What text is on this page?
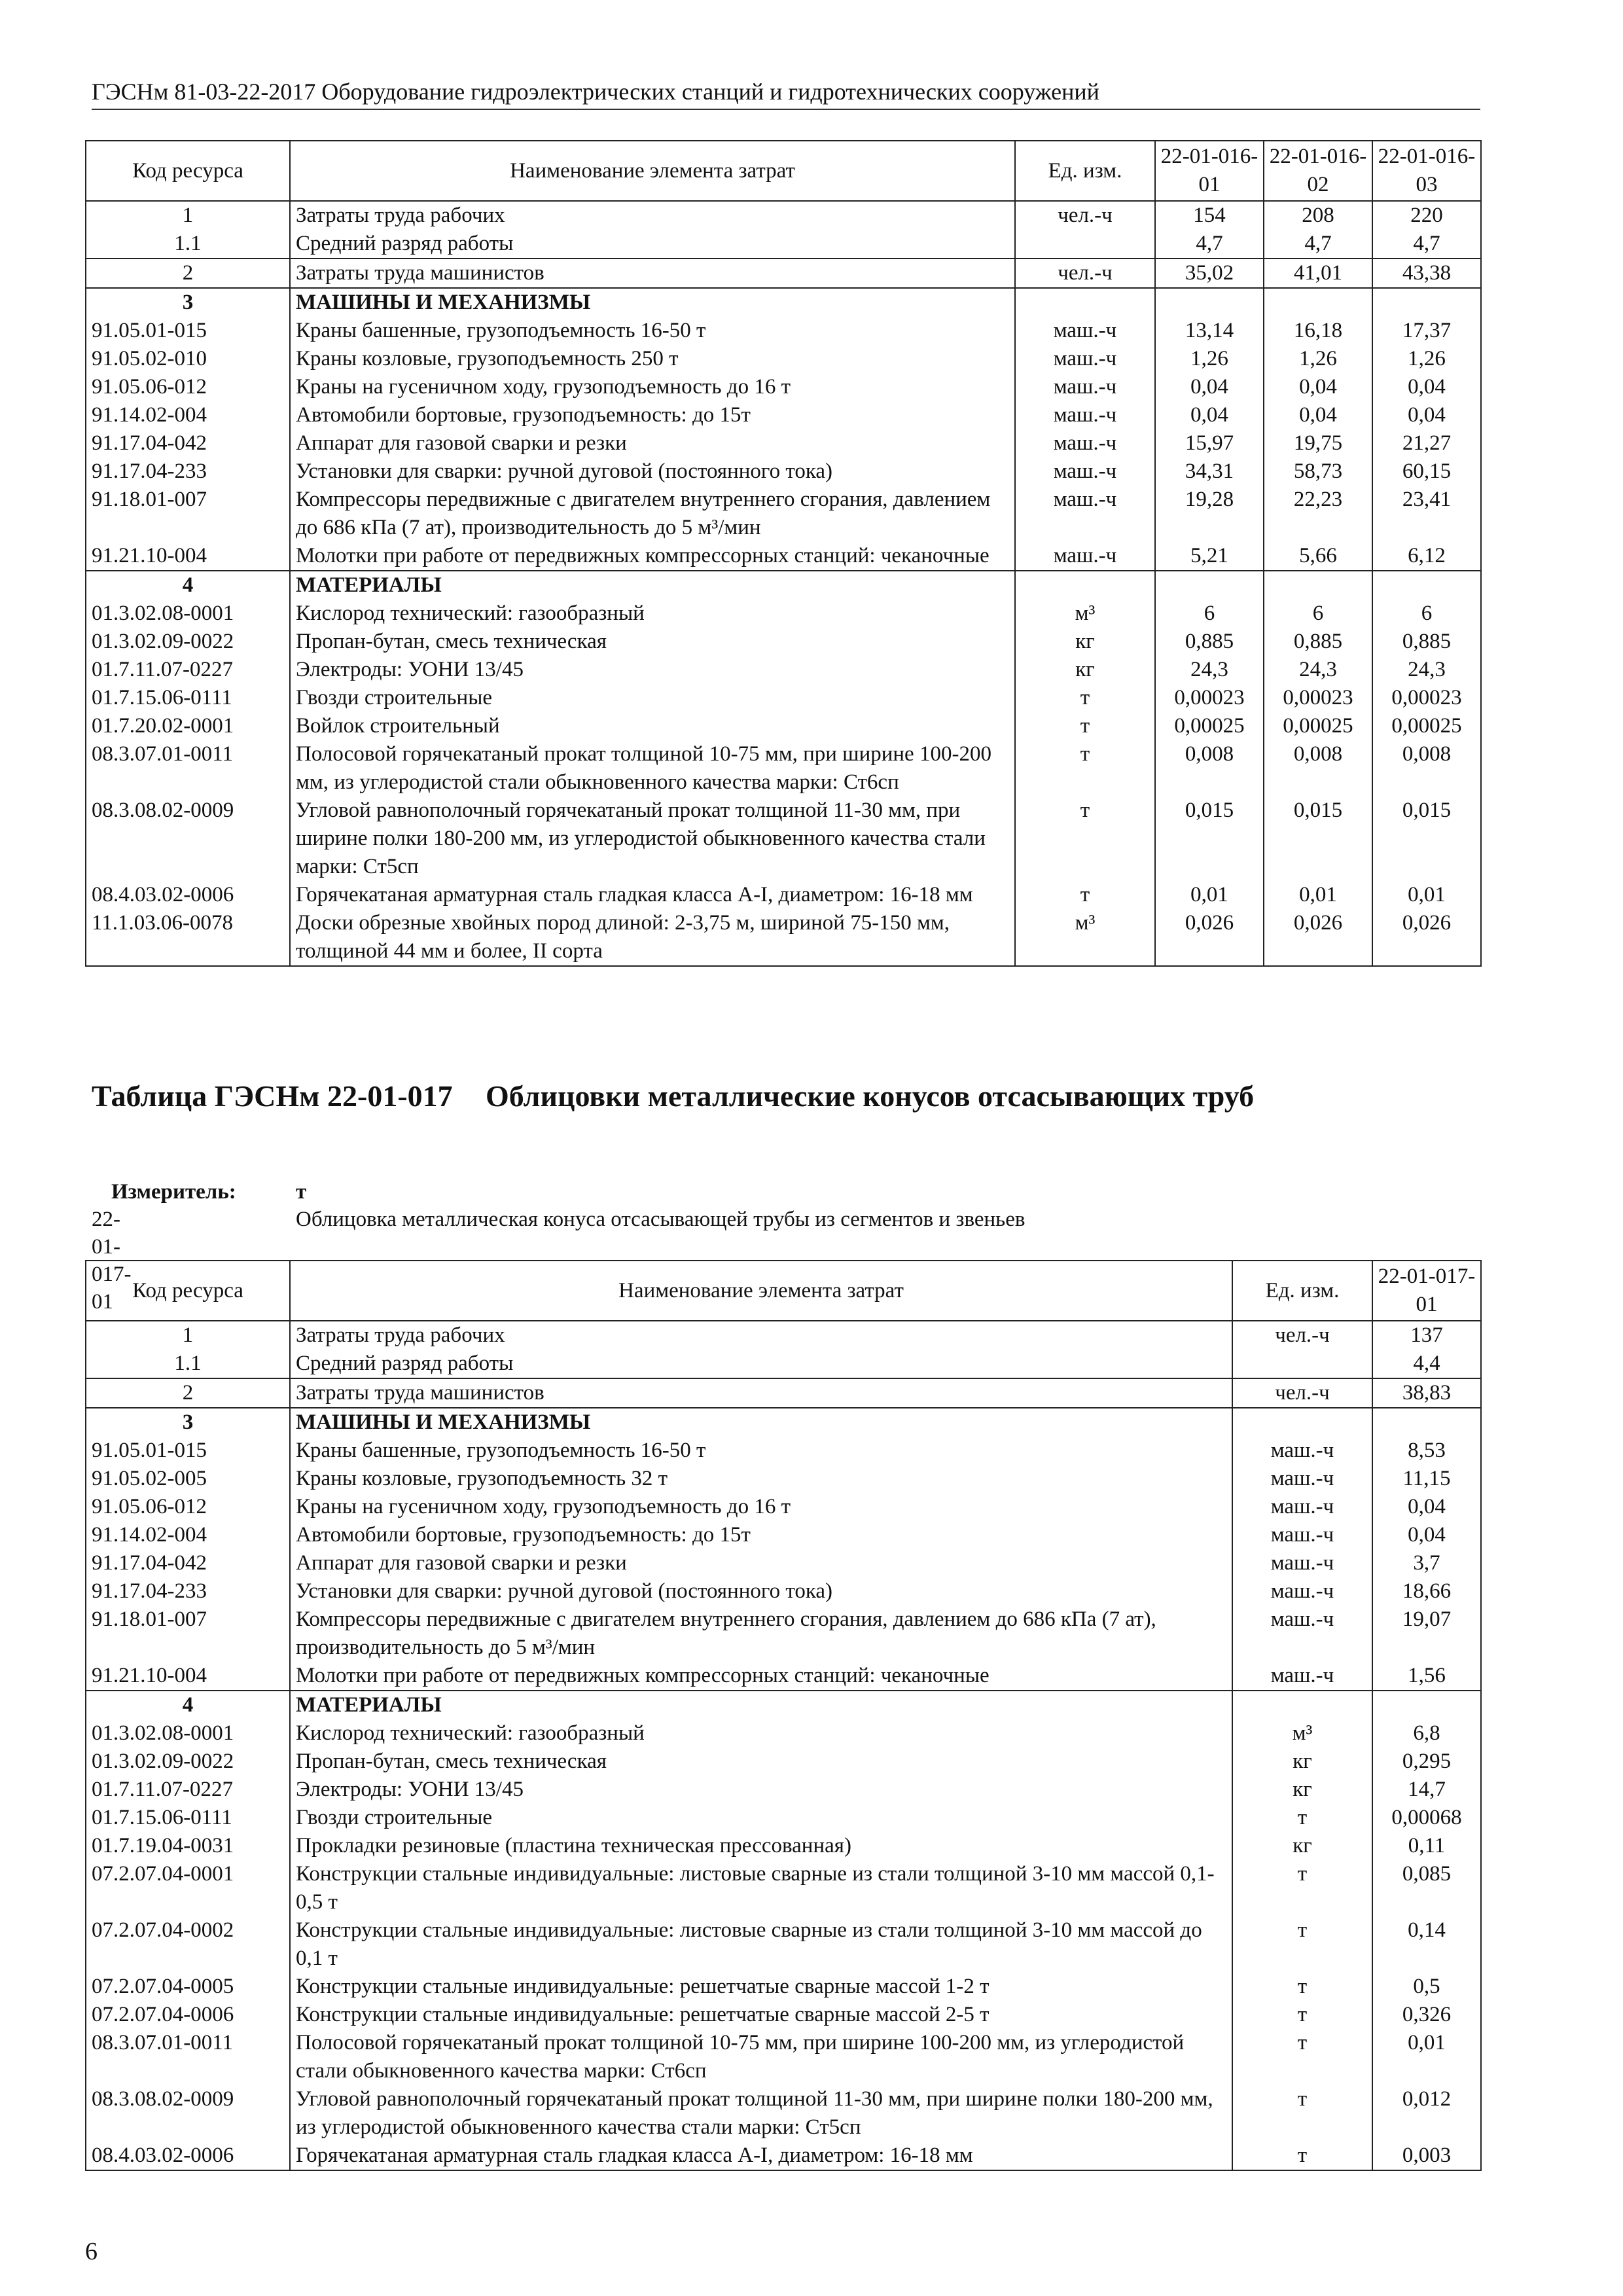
ГЭСНм 81-03-22-2017 Оборудование гидроэлектрических станций и гидротехнических сооружений
Код ресурса	Наименование элемента затрат	Ед. изм.	22-01-016-01	22-01-016-02	22-01-016-03
1	Затраты труда рабочих	чел.-ч	154	208	220
1.1	Средний разряд работы		4,7	4,7	4,7
2	Затраты труда машинистов	чел.-ч	35,02	41,01	43,38
3	МАШИНЫ И МЕХАНИЗМЫ				
91.05.01-015	Краны башенные, грузоподъемность 16-50 т	маш.-ч	13,14	16,18	17,37
91.05.02-010	Краны козловые, грузоподъемность 250 т	маш.-ч	1,26	1,26	1,26
91.05.06-012	Краны на гусеничном ходу, грузоподъемность до 16 т	маш.-ч	0,04	0,04	0,04
91.14.02-004	Автомобили бортовые, грузоподъемность: до 15т	маш.-ч	0,04	0,04	0,04
91.17.04-042	Аппарат для газовой сварки и резки	маш.-ч	15,97	19,75	21,27
91.17.04-233	Установки для сварки: ручной дуговой (постоянного тока)	маш.-ч	34,31	58,73	60,15
91.18.01-007	Компрессоры передвижные с двигателем внутреннего сгорания, давлением до 686 кПа (7 ат), производительность до 5 м³/мин	маш.-ч	19,28	22,23	23,41
91.21.10-004	Молотки при работе от передвижных компрессорных станций: чеканочные	маш.-ч	5,21	5,66	6,12
4	МАТЕРИАЛЫ				
01.3.02.08-0001	Кислород технический: газообразный	м³	6	6	6
01.3.02.09-0022	Пропан-бутан, смесь техническая	кг	0,885	0,885	0,885
01.7.11.07-0227	Электроды: УОНИ 13/45	кг	24,3	24,3	24,3
01.7.15.06-0111	Гвозди строительные	т	0,00023	0,00023	0,00023
01.7.20.02-0001	Войлок строительный	т	0,00025	0,00025	0,00025
08.3.07.01-0011	Полосовой горячекатаный прокат толщиной 10-75 мм, при ширине 100-200 мм, из углеродистой стали обыкновенного качества марки: Ст6сп	т	0,008	0,008	0,008
08.3.08.02-0009	Угловой равнополочный горячекатаный прокат толщиной 11-30 мм, при ширине полки 180-200 мм, из углеродистой обыкновенного качества стали марки: Ст5сп	т	0,015	0,015	0,015
08.4.03.02-0006	Горячекатаная арматурная сталь гладкая класса А-I, диаметром: 16-18 мм	т	0,01	0,01	0,01
11.1.03.06-0078	Доски обрезные хвойных пород длиной: 2-3,75 м, шириной 75-150 мм, толщиной 44 мм и более, II сорта	м³	0,026	0,026	0,026
Таблица ГЭСНм 22-01-017 Облицовки металлические конусов отсасывающих труб
Измеритель:	т
22-01-017-01
Облицовка металлическая конуса отсасывающей трубы из сегментов и звеньев
Код ресурса	Наименование элемента затрат	Ед. изм.	22-01-017-01
1	Затраты труда рабочих	чел.-ч	137
1.1	Средний разряд работы		4,4
2	Затраты труда машинистов	чел.-ч	38,83
3	МАШИНЫ И МЕХАНИЗМЫ		
91.05.01-015	Краны башенные, грузоподъемность 16-50 т	маш.-ч	8,53
91.05.02-005	Краны козловые, грузоподъемность 32 т	маш.-ч	11,15
91.05.06-012	Краны на гусеничном ходу, грузоподъемность до 16 т	маш.-ч	0,04
91.14.02-004	Автомобили бортовые, грузоподъемность: до 15т	маш.-ч	0,04
91.17.04-042	Аппарат для газовой сварки и резки	маш.-ч	3,7
91.17.04-233	Установки для сварки: ручной дуговой (постоянного тока)	маш.-ч	18,66
91.18.01-007	Компрессоры передвижные с двигателем внутреннего сгорания, давлением до 686 кПа (7 ат), производительность до 5 м³/мин	маш.-ч	19,07
91.21.10-004	Молотки при работе от передвижных компрессорных станций: чеканочные	маш.-ч	1,56
4	МАТЕРИАЛЫ		
01.3.02.08-0001	Кислород технический: газообразный	м³	6,8
01.3.02.09-0022	Пропан-бутан, смесь техническая	кг	0,295
01.7.11.07-0227	Электроды: УОНИ 13/45	кг	14,7
01.7.15.06-0111	Гвозди строительные	т	0,00068
01.7.19.04-0031	Прокладки резиновые (пластина техническая прессованная)	кг	0,11
07.2.07.04-0001	Конструкции стальные индивидуальные: листовые сварные из стали толщиной 3-10 мм массой 0,1-0,5 т	т	0,085
07.2.07.04-0002	Конструкции стальные индивидуальные: листовые сварные из стали толщиной 3-10 мм массой до 0,1 т	т	0,14
07.2.07.04-0005	Конструкции стальные индивидуальные: решетчатые сварные массой 1-2 т	т	0,5
07.2.07.04-0006	Конструкции стальные индивидуальные: решетчатые сварные массой 2-5 т	т	0,326
08.3.07.01-0011	Полосовой горячекатаный прокат толщиной 10-75 мм, при ширине 100-200 мм, из углеродистой стали обыкновенного качества марки: Ст6сп	т	0,01
08.3.08.02-0009	Угловой равнополочный горячекатаный прокат толщиной 11-30 мм, при ширине полки 180-200 мм, из углеродистой обыкновенного качества стали марки: Ст5сп	т	0,012
08.4.03.02-0006	Горячекатаная арматурная сталь гладкая класса А-I, диаметром: 16-18 мм	т	0,003
6
